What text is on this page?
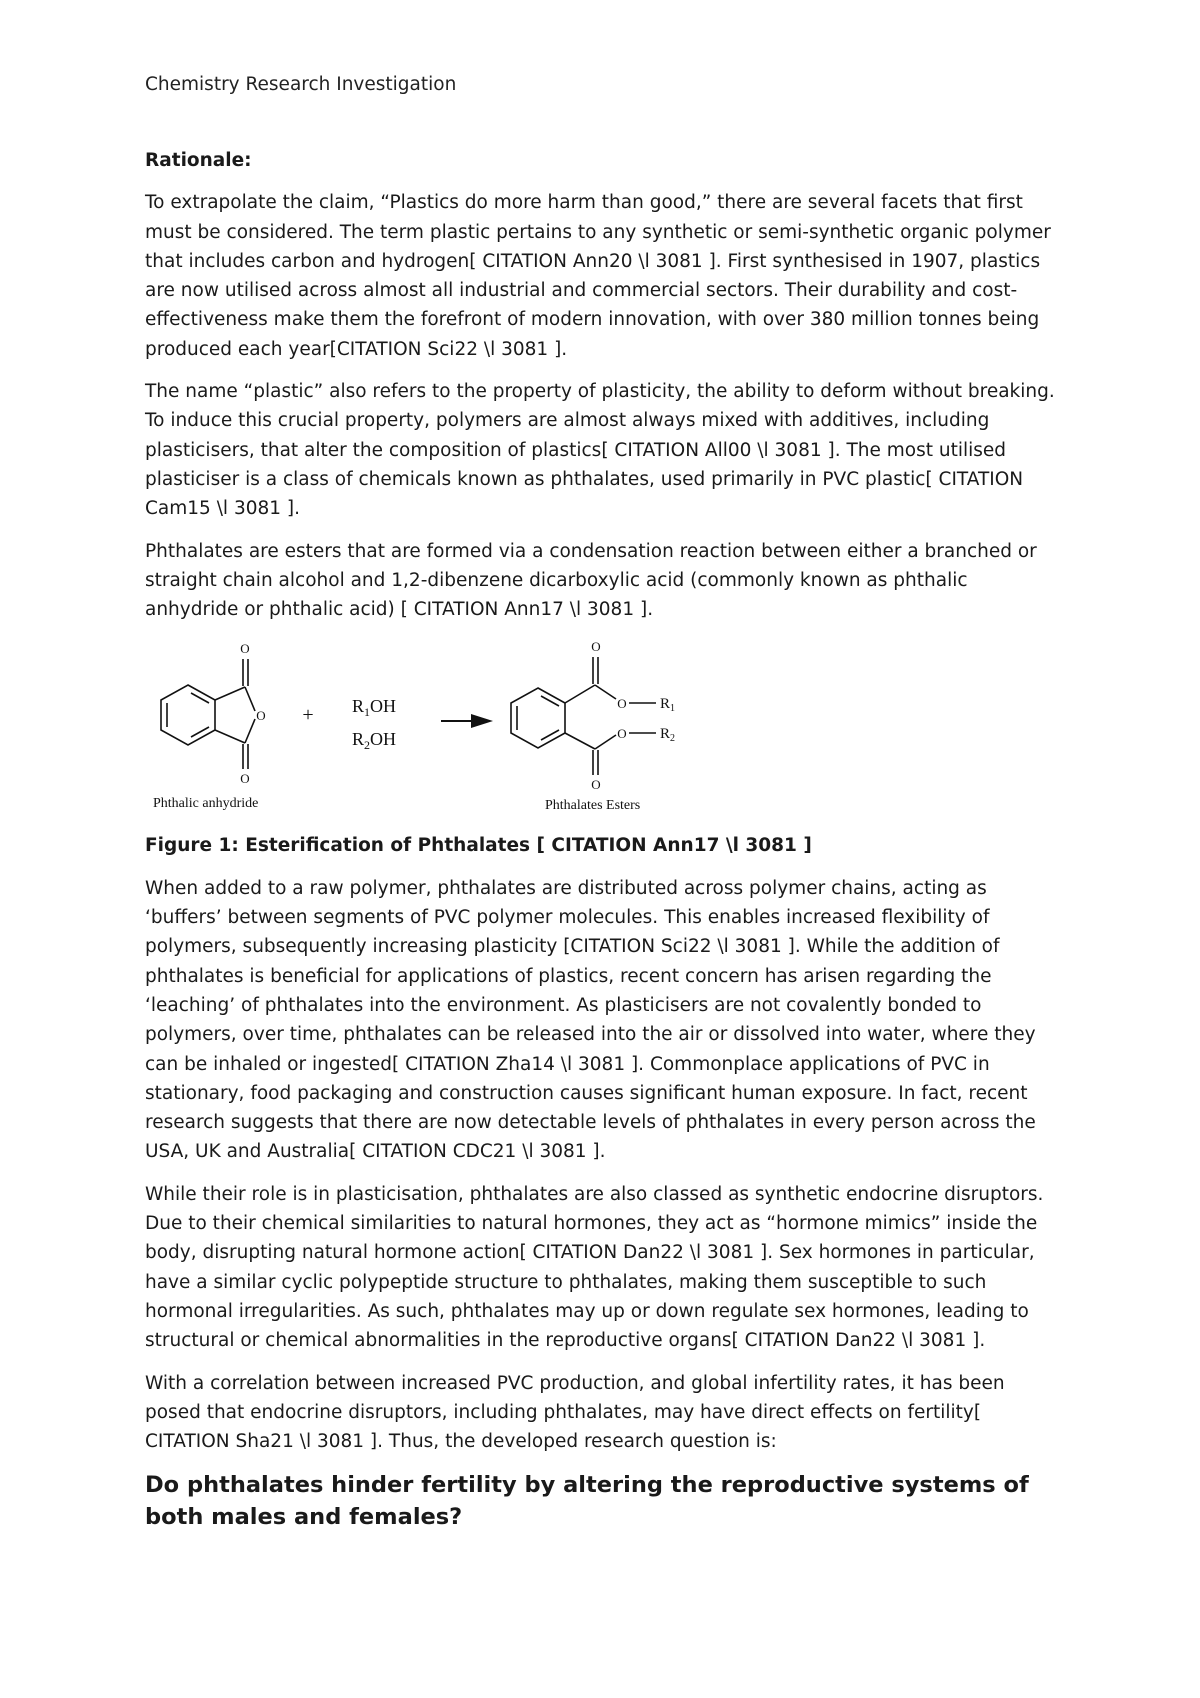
Chemistry Research Investigation
Rationale:

To extrapolate the claim, “Plastics do more harm than good,” there are several facets that first must be considered. The term plastic pertains to any synthetic or semi-synthetic organic polymer that includes carbon and hydrogen[ CITATION Ann20 \l 3081 ]. First synthesised in 1907, plastics are now utilised across almost all industrial and commercial sectors. Their durability and cost-effectiveness make them the forefront of modern innovation, with over 380 million tonnes being produced each year[CITATION Sci22 \l 3081 ].

The name “plastic” also refers to the property of plasticity, the ability to deform without breaking. To induce this crucial property, polymers are almost always mixed with additives, including plasticisers, that alter the composition of plastics[ CITATION All00 \l 3081 ]. The most utilised plasticiser is a class of chemicals known as phthalates, used primarily in PVC plastic[ CITATION Cam15 \l 3081 ].

Phthalates are esters that are formed via a condensation reaction between either a branched or straight chain alcohol and 1,2-dibenzene dicarboxylic acid (commonly known as phthalic anhydride or phthalic acid) [ CITATION Ann17 \l 3081 ].

O
O
O
Phthalic anhydride
+ $R_1OH$
$R_2OH$
O
O
O
O
$R_1$
$R_2$
Phthalates Esters
Figure 1: Esterification of Phthalates [ CITATION Ann17 \l 3081 ]

When added to a raw polymer, phthalates are distributed across polymer chains, acting as ‘buffers’ between segments of PVC polymer molecules. This enables increased flexibility of polymers, subsequently increasing plasticity [CITATION Sci22 \l 3081 ]. While the addition of phthalates is beneficial for applications of plastics, recent concern has arisen regarding the ‘leaching’ of phthalates into the environment. As plasticisers are not covalently bonded to polymers, over time, phthalates can be released into the air or dissolved into water, where they can be inhaled or ingested[ CITATION Zha14 \l 3081 ]. Commonplace applications of PVC in stationary, food packaging and construction causes significant human exposure. In fact, recent research suggests that there are now detectable levels of phthalates in every person across the USA, UK and Australia[ CITATION CDC21 \l 3081 ].

While their role is in plasticisation, phthalates are also classed as synthetic endocrine disruptors. Due to their chemical similarities to natural hormones, they act as “hormone mimics” inside the body, disrupting natural hormone action[ CITATION Dan22 \l 3081 ]. Sex hormones in particular, have a similar cyclic polypeptide structure to phthalates, making them susceptible to such hormonal irregularities. As such, phthalates may up or down regulate sex hormones, leading to structural or chemical abnormalities in the reproductive organs[ CITATION Dan22 \l 3081 ].

With a correlation between increased PVC production, and global infertility rates, it has been posed that endocrine disruptors, including phthalates, may have direct effects on fertility[ CITATION Sha21 \l 3081 ]. Thus, the developed research question is:

Do phthalates hinder fertility by altering the reproductive systems of both males and females?
